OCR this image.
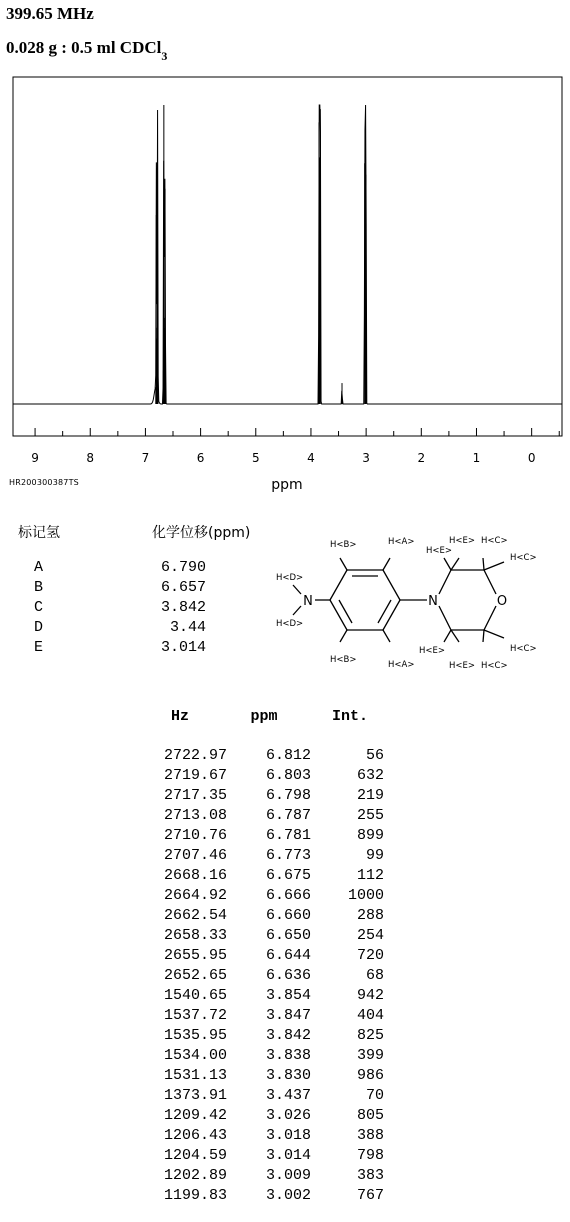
399.65 MHz
0.028 g : 0.5 ml CDCl$_3$
9	8	7	6	5	4	3	2	1	0
ppm
HR200300387TS
标记氢	化学位移(ppm)
A	6.790
B	6.657
C	3.842
D	3.44
E	3.014
N	N	O
H<D>
H<D>
H<B>	H<A>
H<B>	H<A>
H<E>
H<E> H<C>
H<C>
H<E>
H<E> H<C>
H<C>
Hz	ppm	Int.
2722.97	6.812	56
2719.67	6.803	632
2717.35	6.798	219
2713.08	6.787	255
2710.76	6.781	899
2707.46	6.773	99
2668.16	6.675	112
2664.92	6.666	1000
2662.54	6.660	288
2658.33	6.650	254
2655.95	6.644	720
2652.65	6.636	68
1540.65	3.854	942
1537.72	3.847	404
1535.95	3.842	825
1534.00	3.838	399
1531.13	3.830	986
1373.91	3.437	70
1209.42	3.026	805
1206.43	3.018	388
1204.59	3.014	798
1202.89	3.009	383
1199.83	3.002	767
